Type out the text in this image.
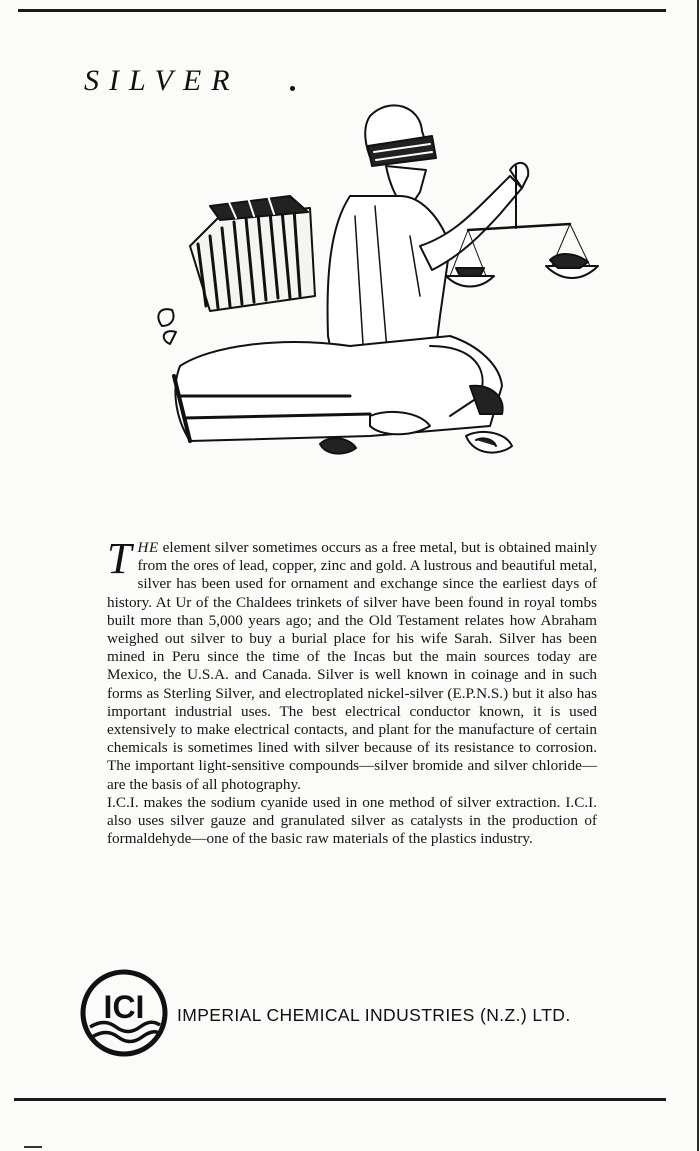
SILVER

THE element silver sometimes occurs as a free metal, but is obtained mainly from the ores of lead, copper, zinc and gold. A lustrous and beautiful metal, silver has been used for ornament and exchange since the earliest days of history. At Ur of the Chaldees trinkets of silver have been found in royal tombs built more than 5,000 years ago; and the Old Testament relates how Abraham weighed out silver to buy a burial place for his wife Sarah. Silver has been mined in Peru since the time of the Incas but the main sources today are Mexico, the U.S.A. and Canada. Silver is well known in coinage and in such forms as Sterling Silver, and electroplated nickel-silver (E.P.N.S.) but it also has important industrial uses. The best electrical conductor known, it is used extensively to make electrical contacts, and plant for the manufacture of certain chemicals is sometimes lined with silver because of its resistance to corrosion. The important light-sensitive compounds—silver bromide and silver chloride—are the basis of all photography.

I.C.I. makes the sodium cyanide used in one method of silver extraction. I.C.I. also uses silver gauze and granulated silver as catalysts in the production of formaldehyde—one of the basic raw materials of the plastics industry.

ICI IMPERIAL CHEMICAL INDUSTRIES (N.Z.) LTD.
